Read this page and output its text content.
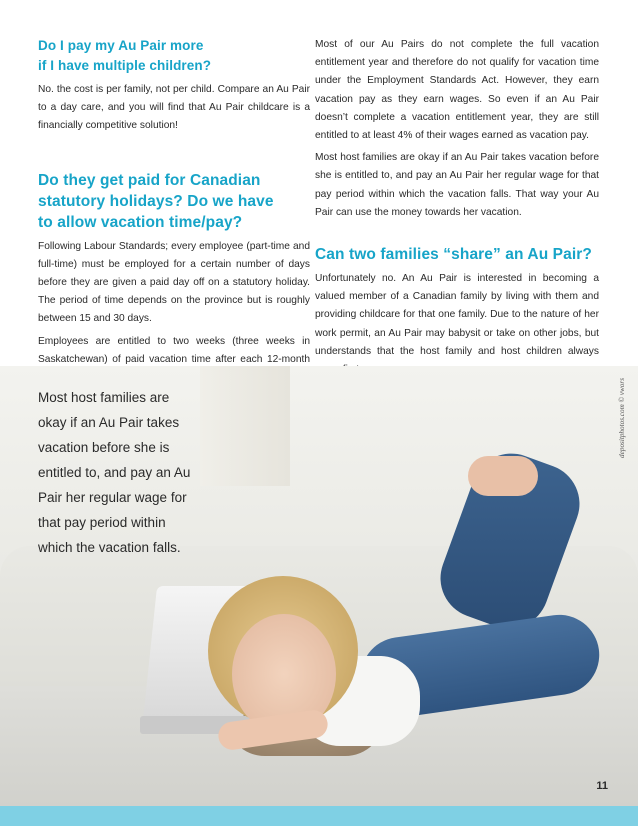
Do I pay my Au Pair more
if I have multiple children?

No. the cost is per family, not per child. Compare an Au Pair to a day care, and you will find that Au Pair childcare is a financially competitive solution!

Do they get paid for Canadian
statutory holidays? Do we have
to allow vacation time/pay?

Following Labour Standards; every employee (part-time and full-time) must be employed for a certain number of days before they are given a paid day off on a statutory holiday. The period of time depends on the province but is roughly between 15 and 30 days.

Employees are entitled to two weeks (three weeks in Saskatchewan) of paid vacation time after each 12-month

Most of our Au Pairs do not complete the full vacation entitlement year and therefore do not qualify for vacation time under the Employment Standards Act. However, they earn vacation pay as they earn wages. So even if an Au Pair doesn’t complete a vacation entitlement year, they are still entitled to at least 4% of their wages earned as vacation pay.

Most host families are okay if an Au Pair takes vacation before she is entitled to, and pay an Au Pair her regular wage for that pay period within which the vacation falls. That way your Au Pair can use the money towards her vacation.

Can two families “share” an Au Pair?

Unfortunately no. An Au Pair is interested in becoming a valued member of a Canadian family by living with them and providing childcare for that one family. Due to the nature of her work permit, an Au Pair may babysit or take on other jobs, but understands that the host family and host children always

Most host families are okay if an Au Pair takes vacation before she is entitled to, and pay an Au Pair her regular wage for that pay period within which the vacation falls.

depositphotos.com © vwors
11
